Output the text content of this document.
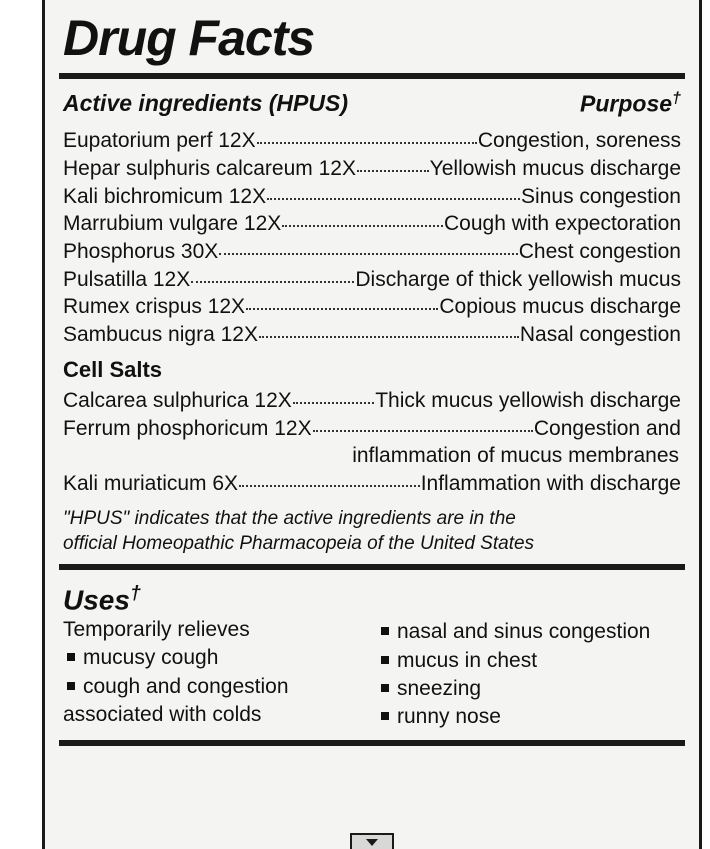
Drug Facts
Active ingredients (HPUS)	Purpose†
Eupatorium perf 12X	Congestion, soreness
Hepar sulphuris calcareum 12X	Yellowish mucus discharge
Kali bichromicum 12X	Sinus congestion
Marrubium vulgare 12X	Cough with expectoration
Phosphorus 30X	Chest congestion
Pulsatilla 12X	Discharge of thick yellowish mucus
Rumex crispus 12X	Copious mucus discharge
Sambucus nigra 12X	Nasal congestion
Cell Salts
Calcarea sulphurica 12X	Thick mucus yellowish discharge
Ferrum phosphoricum 12X	Congestion and
inflammation of mucus membranes
Kali muriaticum 6X	Inflammation with discharge
"HPUS" indicates that the active ingredients are in the
official Homeopathic Pharmacopeia of the United States
Uses†
Temporarily relieves
mucusy cough
cough and congestion
associated with colds
nasal and sinus congestion
mucus in chest
sneezing
runny nose
